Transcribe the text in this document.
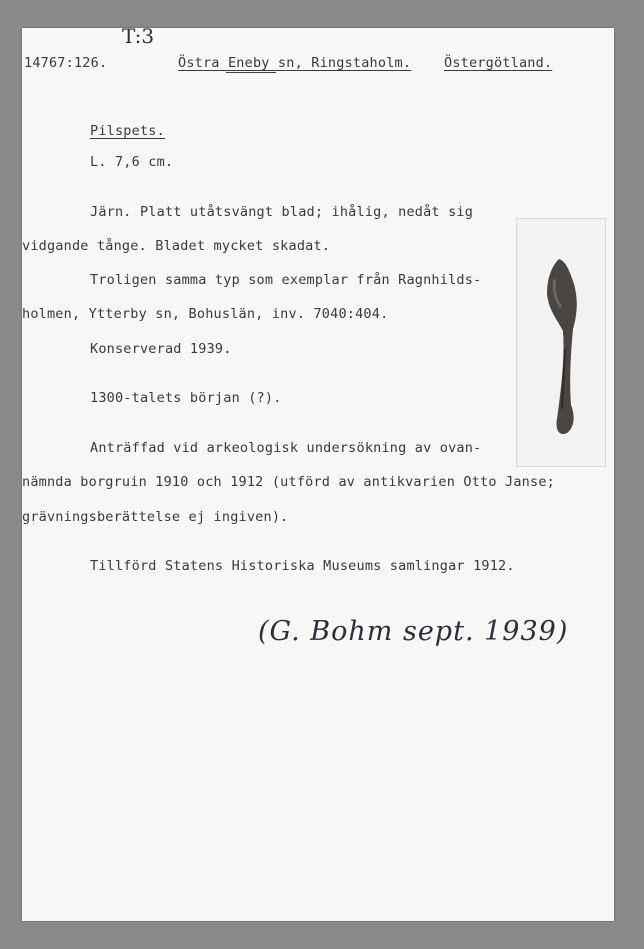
14767:126.
T:3
Östra Eneby sn, Ringstaholm. Östergötland.
Pilspets.
L. 7,6 cm.
Järn. Platt utåtsvängt blad; ihålig, nedåt sig
vidgande tånge. Bladet mycket skadat.
Troligen samma typ som exemplar från Ragnhilds-
holmen, Ytterby sn, Bohuslän, inv. 7040:404.
Konserverad 1939.
1300-talets början (?).
Anträffad vid arkeologisk undersökning av ovan-
nämnda borgruin 1910 och 1912 (utförd av antikvarien Otto Janse;
grävningsberättelse ej ingiven).
Tillförd Statens Historiska Museums samlingar 1912.
(G. Bohm sept. 1939)
